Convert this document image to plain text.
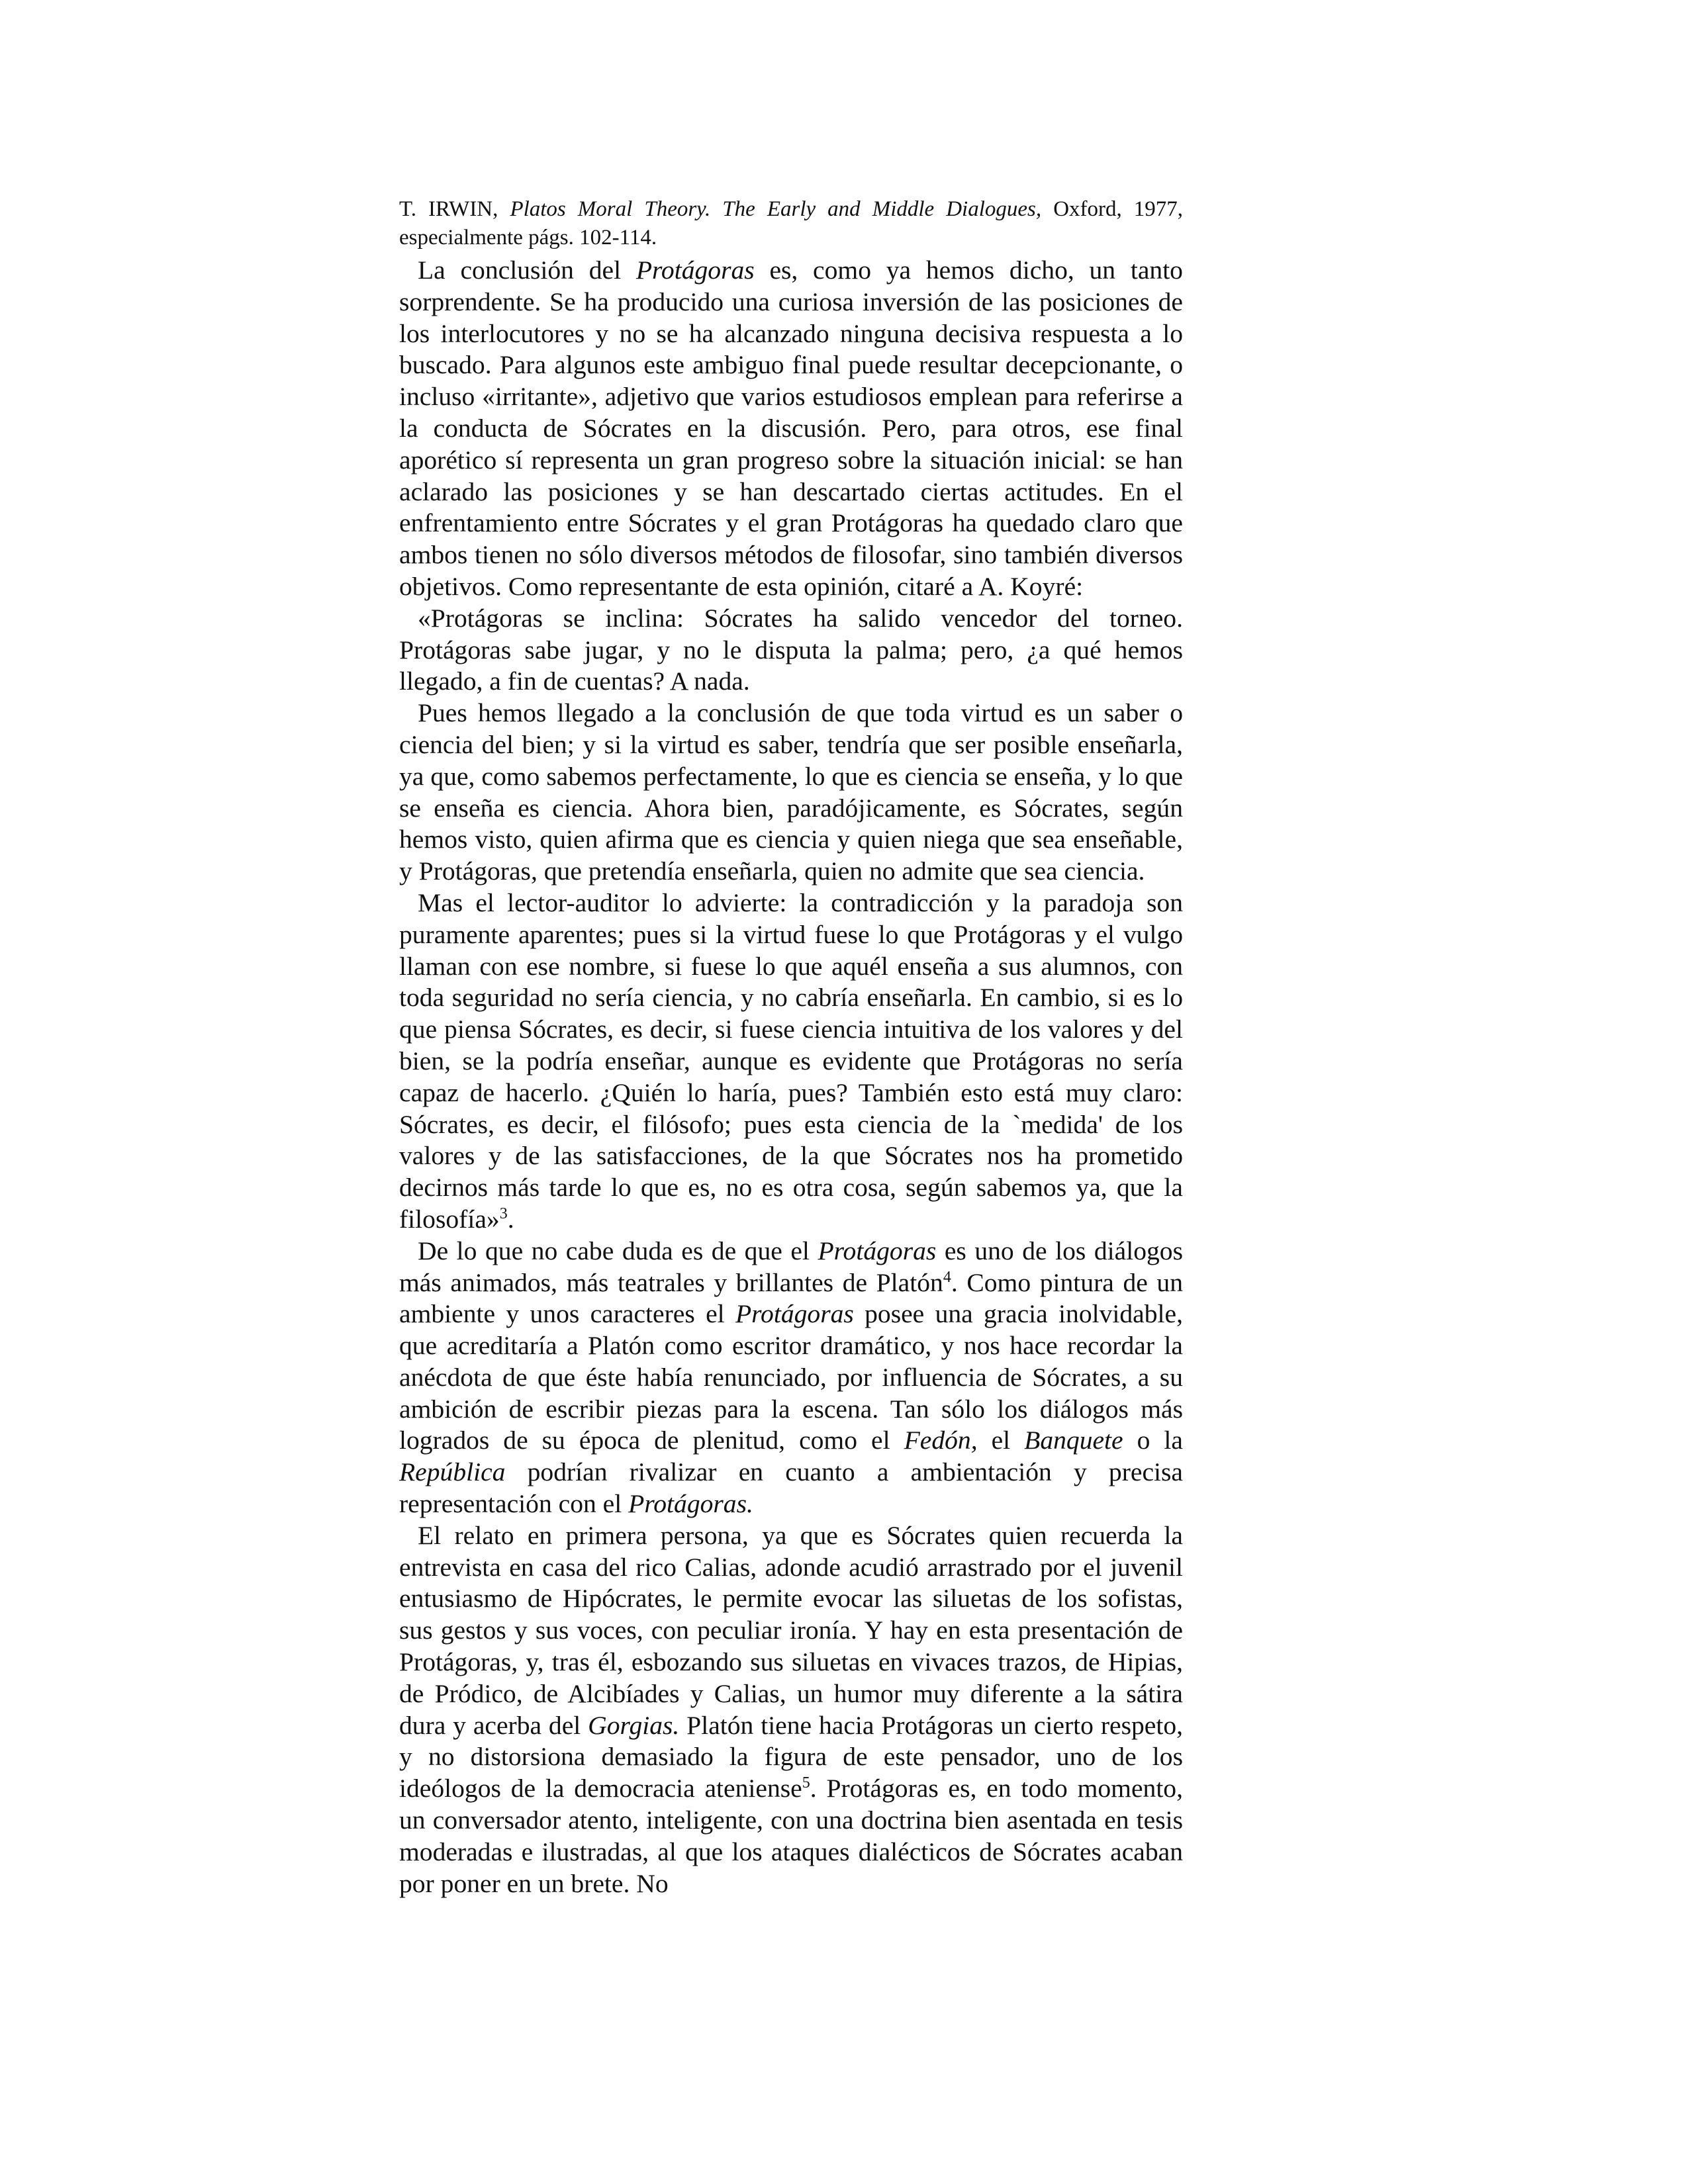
T. IRWIN, Platos Moral Theory. The Early and Middle Dialogues, Oxford, 1977, especialmente págs. 102-114.

La conclusión del Protágoras es, como ya hemos dicho, un tanto sorprendente. Se ha producido una curiosa inversión de las posiciones de los interlocutores y no se ha alcanzado ninguna decisiva respuesta a lo buscado. Para algunos este ambiguo final puede resultar decepcionante, o incluso «irritante», adjetivo que varios estudiosos emplean para referirse a la conducta de Sócrates en la discusión. Pero, para otros, ese final aporético sí representa un gran progreso sobre la situación inicial: se han aclarado las posiciones y se han descartado ciertas actitudes. En el enfrentamiento entre Sócrates y el gran Protágoras ha quedado claro que ambos tienen no sólo diversos métodos de filosofar, sino también diversos objetivos. Como representante de esta opinión, citaré a A. Koyré:

«Protágoras se inclina: Sócrates ha salido vencedor del torneo. Protágoras sabe jugar, y no le disputa la palma; pero, ¿a qué hemos llegado, a fin de cuentas? A nada.

Pues hemos llegado a la conclusión de que toda virtud es un saber o ciencia del bien; y si la virtud es saber, tendría que ser posible enseñarla, ya que, como sabemos perfectamente, lo que es ciencia se enseña, y lo que se enseña es ciencia. Ahora bien, paradójicamente, es Sócrates, según hemos visto, quien afirma que es ciencia y quien niega que sea enseñable, y Protágoras, que pretendía enseñarla, quien no admite que sea ciencia.

Mas el lector-auditor lo advierte: la contradicción y la paradoja son puramente aparentes; pues si la virtud fuese lo que Protágoras y el vulgo llaman con ese nombre, si fuese lo que aquél enseña a sus alumnos, con toda seguridad no sería ciencia, y no cabría enseñarla. En cambio, si es lo que piensa Sócrates, es decir, si fuese ciencia intuitiva de los valores y del bien, se la podría enseñar, aunque es evidente que Protágoras no sería capaz de hacerlo. ¿Quién lo haría, pues? También esto está muy claro: Sócrates, es decir, el filósofo; pues esta ciencia de la `medida' de los valores y de las satisfacciones, de la que Sócrates nos ha prometido decirnos más tarde lo que es, no es otra cosa, según sabemos ya, que la filosofía»$^3$.

De lo que no cabe duda es de que el Protágoras es uno de los diálogos más animados, más teatrales y brillantes de Platón$^4$. Como pintura de un ambiente y unos caracteres el Protágoras posee una gracia inolvidable, que acreditaría a Platón como escritor dramático, y nos hace recordar la anécdota de que éste había renunciado, por influencia de Sócrates, a su ambición de escribir piezas para la escena. Tan sólo los diálogos más logrados de su época de plenitud, como el Fedón, el Banquete o la República podrían rivalizar en cuanto a ambientación y precisa representación con el Protágoras.

El relato en primera persona, ya que es Sócrates quien recuerda la entrevista en casa del rico Calias, adonde acudió arrastrado por el juvenil entusiasmo de Hipócrates, le permite evocar las siluetas de los sofistas, sus gestos y sus voces, con peculiar ironía. Y hay en esta presentación de Protágoras, y, tras él, esbozando sus siluetas en vivaces trazos, de Hipias, de Pródico, de Alcibíades y Calias, un humor muy diferente a la sátira dura y acerba del Gorgias. Platón tiene hacia Protágoras un cierto respeto, y no distorsiona demasiado la figura de este pensador, uno de los ideólogos de la democracia ateniense$^5$. Protágoras es, en todo momento, un conversador atento, inteligente, con una doctrina bien asentada en tesis moderadas e ilustradas, al que los ataques dialécticos de Sócrates acaban por poner en un brete. No
